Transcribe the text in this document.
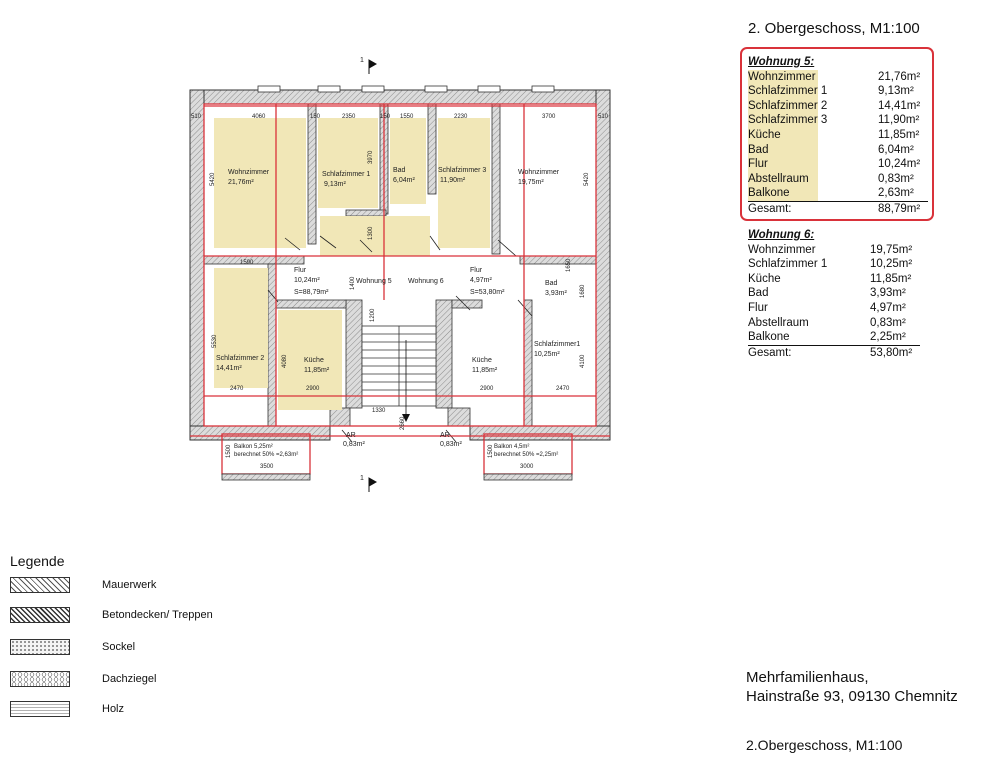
1
1
Wohnzimmer
21,76m²
Schlafzimmer 1
9,13m²
Bad
6,04m²
Schlafzimmer 3
11,90m²
Wohnzimmer
19,75m²
Flur
10,24m²
S=88,79m²
Wohnung 5 Wohnung 6
Flur
4,97m²
S=53,80m²
Bad
3,93m²
Schlafzimmer 2
14,41m²
Küche
11,85m²
Küche
11,85m²
Schlafzimmer1
10,25m²
AR
0,83m²
AR
0,83m²
Balkon 5,25m²
berechnet 50% =2,63m²
Balkon 4,5m²
berechnet 50% =2,25m²
510	4060	150	2350	150 1550	2230	3700	510
2470	2900	2900	2470
1330
1590
3500	3000
5420	5420
3970
1300
1400
1650
1680
5530
4080	4100
1200
2660
1500	1500
2. Obergeschoss, M1:100
Wohnung 5:
Wohnzimmer	21,76m²
Schlafzimmer 1	9,13m²
Schlafzimmer 2	14,41m²
Schlafzimmer 3	11,90m²
Küche	11,85m²
Bad	6,04m²
Flur	10,24m²
Abstellraum	0,83m²
Balkone	2,63m²
Gesamt:	88,79m²
Wohnung 6:
Wohnzimmer	19,75m²
Schlafzimmer 1	10,25m²
Küche	11,85m²
Bad	3,93m²
Flur	4,97m²
Abstellraum	0,83m²
Balkone	2,25m²
Gesamt:	53,80m²
Legende
Mauerwerk
Betondecken/ Treppen
Sockel
Dachziegel
Holz
Mehrfamilienhaus,
Hainstraße 93, 09130 Chemnitz
2.Obergeschoss, M1:100
